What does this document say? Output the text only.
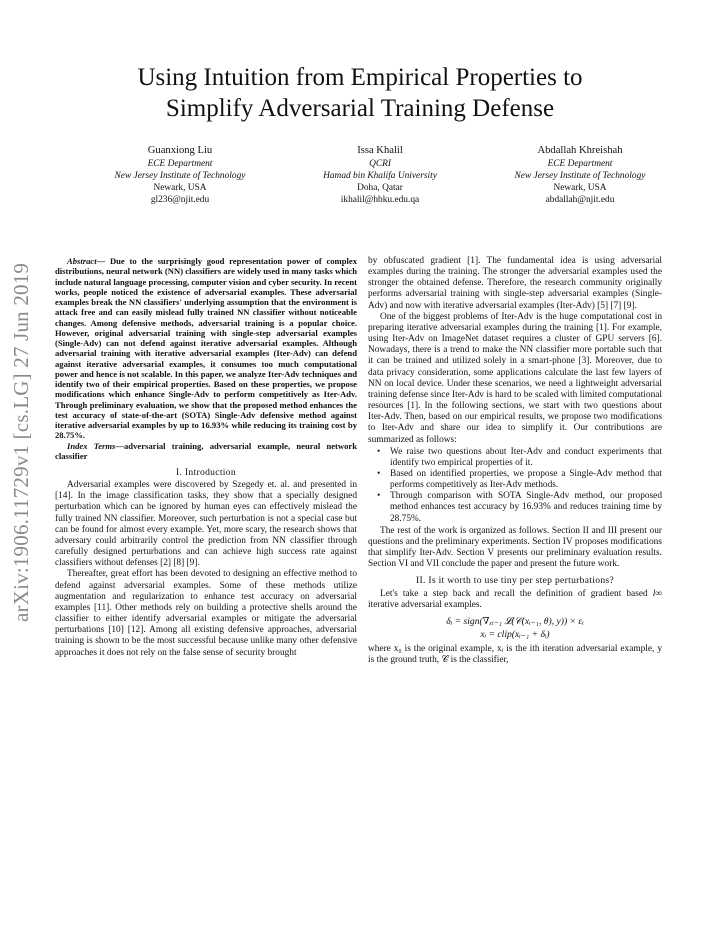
Using Intuition from Empirical Properties to
Simplify Adversarial Training Defense
Guanxiong Liu
ECE Department
New Jersey Institute of Technology
Newark, USA
gl236@njit.edu
Issa Khalil
QCRI
Hamad bin Khalifa University
Doha, Qatar
ikhalil@hbku.edu.qa
Abdallah Khreishah
ECE Department
New Jersey Institute of Technology
Newark, USA
abdallah@njit.edu
arXiv:1906.11729v1 [cs.LG] 27 Jun 2019
Abstract— Due to the surprisingly good representation power of complex distributions, neural network (NN) classifiers are widely used in many tasks which include natural language processing, computer vision and cyber security. In recent works, people noticed the existence of adversarial examples. These adversarial examples break the NN classifiers' underlying assumption that the environment is attack free and can easily mislead fully trained NN classifier without noticeable changes. Among defensive methods, adversarial training is a popular choice. However, original adversarial training with single-step adversarial examples (Single-Adv) can not defend against iterative adversarial examples. Although adversarial training with iterative adversarial examples (Iter-Adv) can defend against iterative adversarial examples, it consumes too much computational power and hence is not scalable. In this paper, we analyze Iter-Adv techniques and identify two of their empirical properties. Based on these properties, we propose modifications which enhance Single-Adv to perform competitively as Iter-Adv. Through preliminary evaluation, we show that the proposed method enhances the test accuracy of state-of-the-art (SOTA) Single-Adv defensive method against iterative adversarial examples by up to 16.93% while reducing its training cost by 28.75%.
Index Terms—adversarial training, adversarial example, neural network classifier
I. Introduction
Adversarial examples were discovered by Szegedy et. al. and presented in [14]. In the image classification tasks, they show that a specially designed perturbation which can be ignored by human eyes can effectively mislead the fully trained NN classifier. Moreover, such perturbation is not a special case but can be found for almost every example. Yet, more scary, the research shows that adversary could arbitrarily control the prediction from NN classifier through carefully designed perturbations and can achieve high success rate against classifiers without defenses [2] [8] [9].
Thereafter, great effort has been devoted to designing an effective method to defend against adversarial examples. Some of these methods utilize augmentation and regularization to enhance test accuracy on adversarial examples [11]. Other methods rely on building a protective shells around the classifier to either identify adversarial examples or mitigate the adversarial perturbations [10] [12]. Among all existing defensive approaches, adversarial training is shown to be the most successful because unlike many other defensive approaches it does not rely on the false sense of security brought
by obfuscated gradient [1]. The fundamental idea is using adversarial examples during the training. The stronger the adversarial examples used the stronger the obtained defense. Therefore, the research community originally performs adversarial training with single-step adversarial examples (Single-Adv) and now with iterative adversarial examples (Iter-Adv) [5] [7] [9].
One of the biggest problems of Iter-Adv is the huge computational cost in preparing iterative adversarial examples during the training [1]. For example, using Iter-Adv on ImageNet dataset requires a cluster of GPU servers [6]. Nowadays, there is a trend to make the NN classifier more portable such that it can be trained and utilized solely in a smart-phone [3]. Moreover, due to data privacy consideration, some applications calculate the last few layers of NN on local device. Under these scenarios, we need a lightweight adversarial training defense since Iter-Adv is hard to be scaled with limited computational resources [1]. In the following sections, we start with two questions about Iter-Adv. Then, based on our empirical results, we propose two modifications to Iter-Adv and share our idea to simplify it. Our contributions are summarized as follows:
• We raise two questions about Iter-Adv and conduct experiments that identify two empirical properties of it.
• Based on identified properties, we propose a Single-Adv method that performs competitively as Iter-Adv methods.
• Through comparison with SOTA Single-Adv method, our proposed method enhances test accuracy by 16.93% and reduces training time by 28.75%.
The rest of the work is organized as follows. Section II and III present our questions and the preliminary experiments. Section IV proposes modifications that simplify Iter-Adv. Section V presents our preliminary evaluation results. Section VI and VII conclude the paper and present the future work.
II. Is it worth to use tiny per step perturbations?
Let's take a step back and recall the definition of gradient based l∞ iterative adversarial examples.
δᵢ = sign(∇ₓᵢ₋₁ 𝓛(𝒞(xᵢ₋₁, θ), y)) × εᵢ
xᵢ = clip(xᵢ₋₁ + δᵢ)
where x₀ is the original example, xᵢ is the ith iteration adversarial example, y is the ground truth, 𝒞 is the classifier,
